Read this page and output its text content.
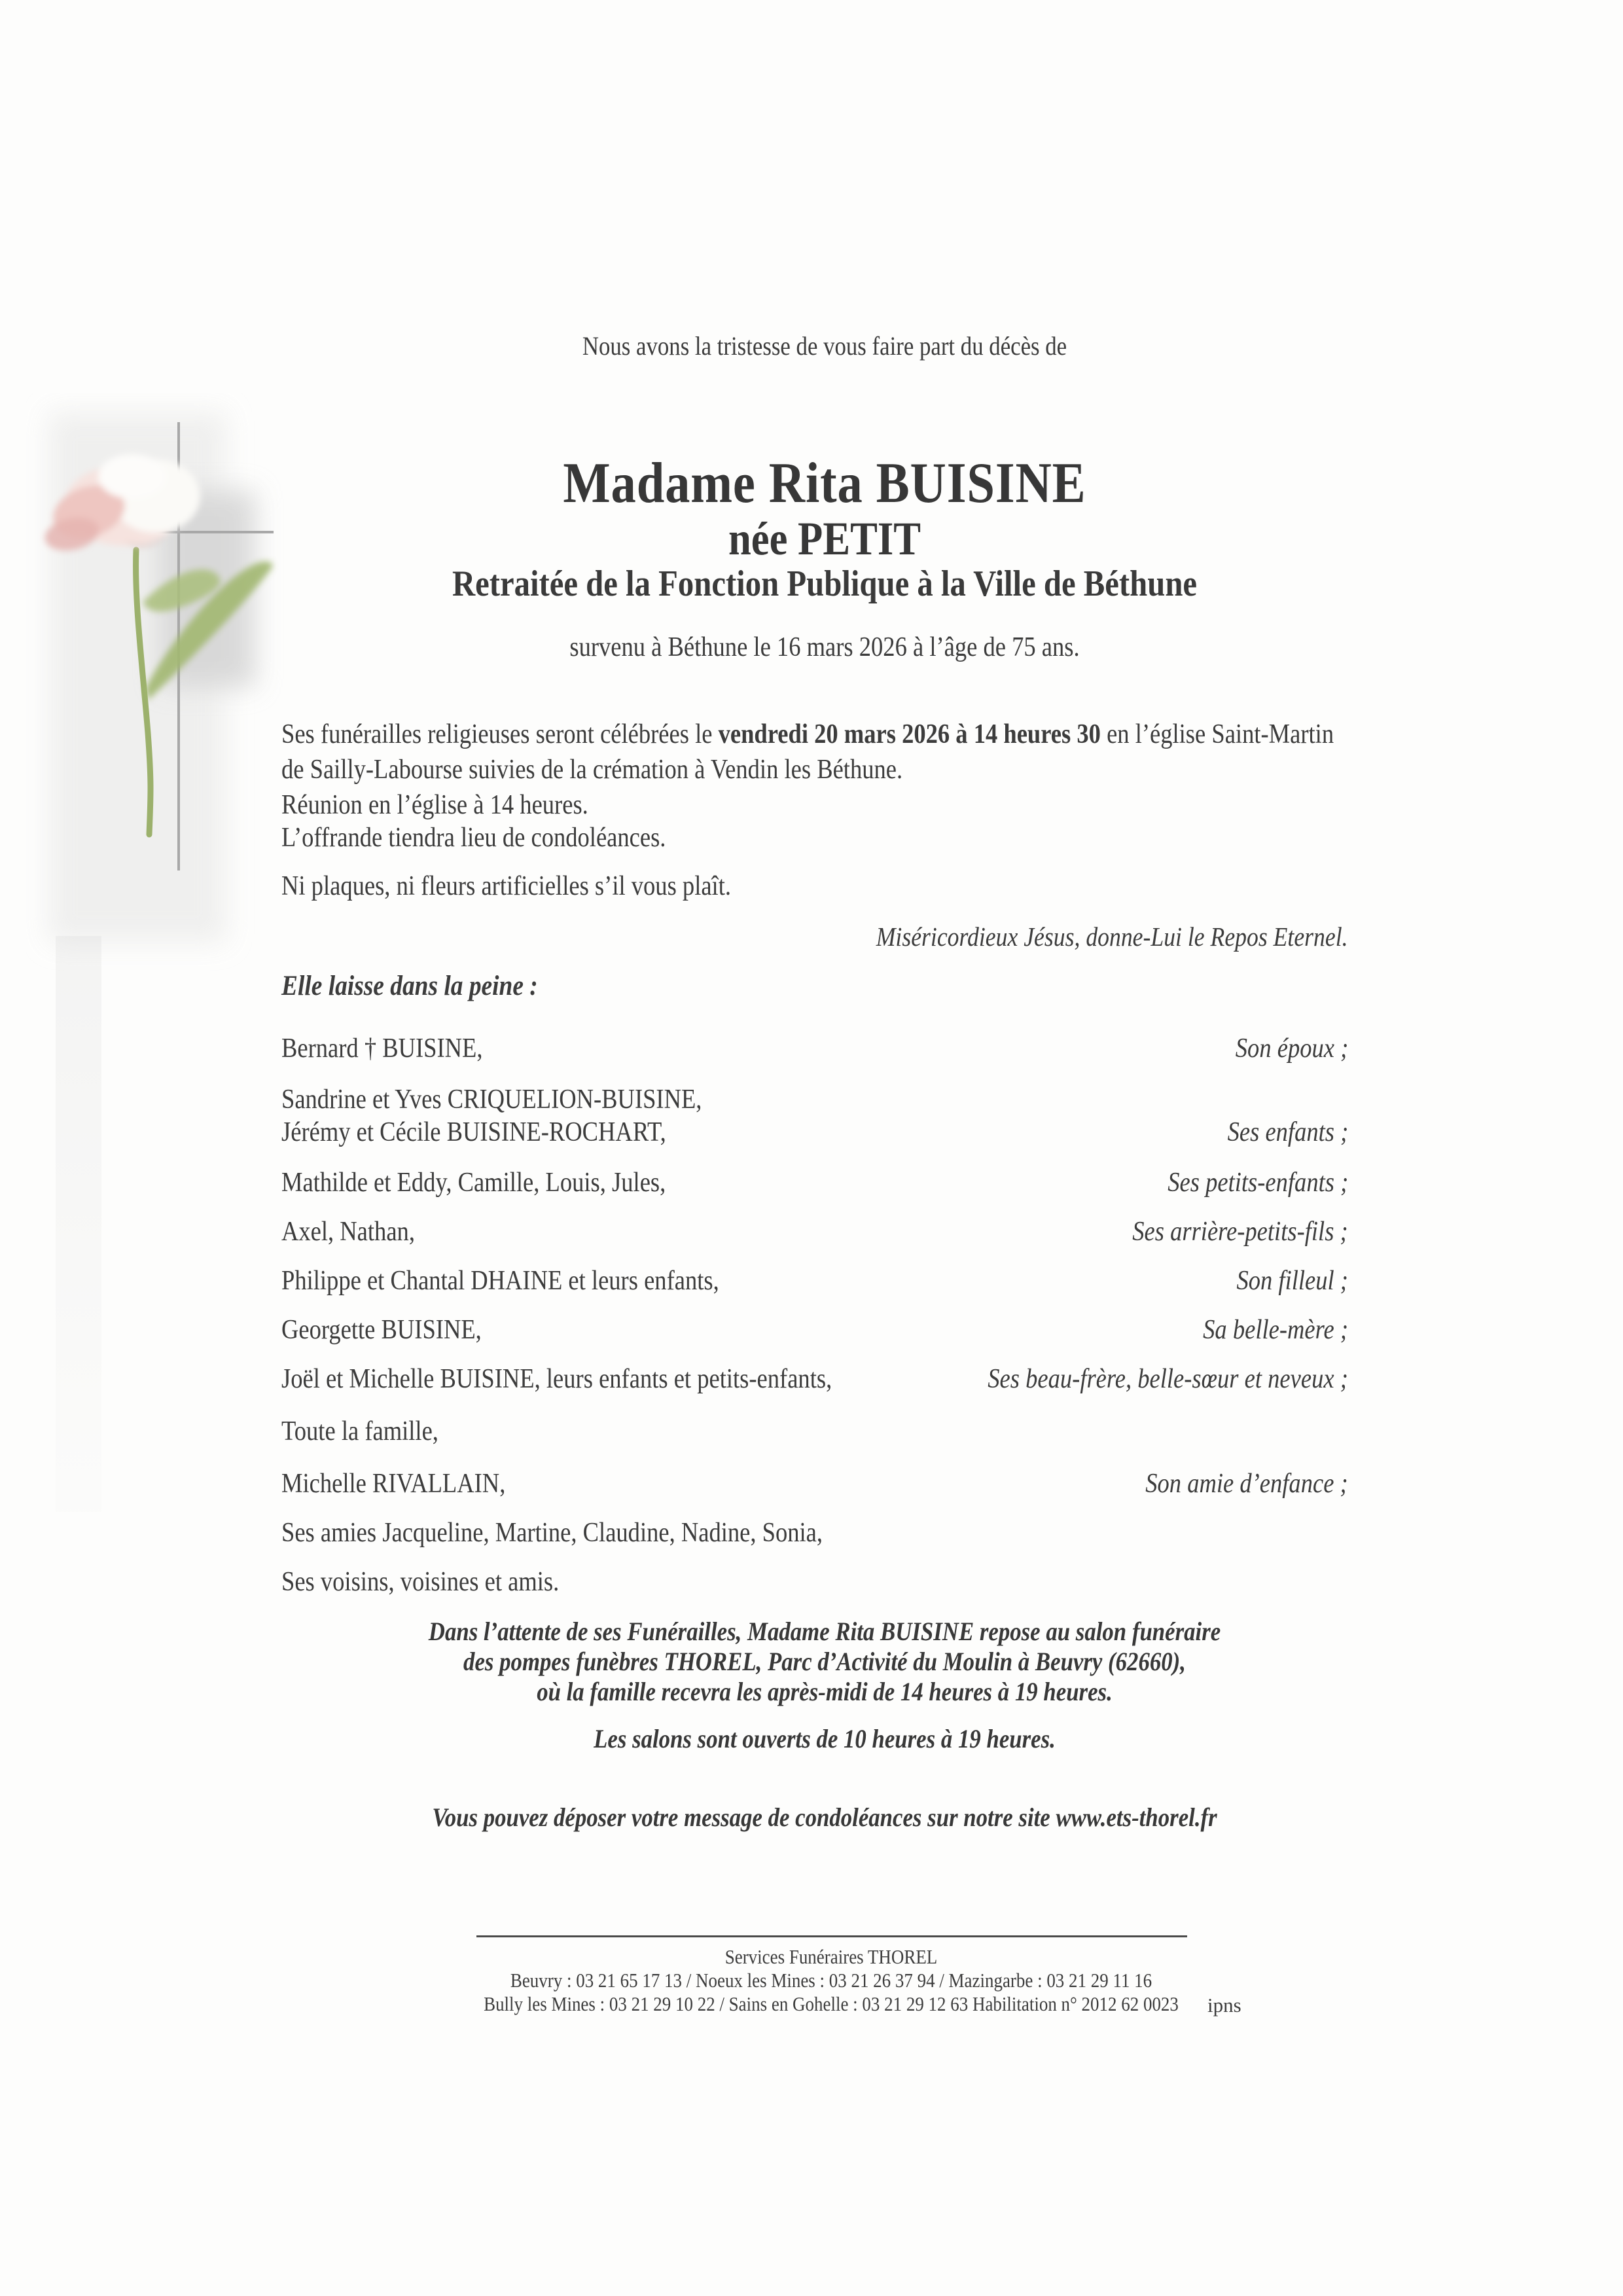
Nous avons la tristesse de vous faire part du décès de
Madame Rita BUISINE
née PETIT
Retraitée de la Fonction Publique à la Ville de Béthune
survenu à Béthune le 16 mars 2026 à l’âge de 75 ans.
Ses funérailles religieuses seront célébrées le vendredi 20 mars 2026 à 14 heures 30 en l’église Saint-Martin
de Sailly-Labourse suivies de la crémation à Vendin les Béthune.
Réunion en l’église à 14 heures.
L’offrande tiendra lieu de condoléances.
Ni plaques, ni fleurs artificielles s’il vous plaît.
Miséricordieux Jésus, donne-Lui le Repos Eternel.
Elle laisse dans la peine :
Bernard † BUISINE,	Son époux ;
Sandrine et Yves CRIQUELION-BUISINE,
Jérémy et Cécile BUISINE-ROCHART,	Ses enfants ;
Mathilde et Eddy, Camille, Louis, Jules,	Ses petits-enfants ;
Axel, Nathan,	Ses arrière-petits-fils ;
Philippe et Chantal DHAINE et leurs enfants,	Son filleul ;
Georgette BUISINE,	Sa belle-mère ;
Joël et Michelle BUISINE, leurs enfants et petits-enfants,	Ses beau-frère, belle-sœur et neveux ;
Toute la famille,
Michelle RIVALLAIN,	Son amie d’enfance ;
Ses amies Jacqueline, Martine, Claudine, Nadine, Sonia,
Ses voisins, voisines et amis.
Dans l’attente de ses Funérailles, Madame Rita BUISINE repose au salon funéraire
des pompes funèbres THOREL, Parc d’Activité du Moulin à Beuvry (62660),
où la famille recevra les après-midi de 14 heures à 19 heures.
Les salons sont ouverts de 10 heures à 19 heures.
Vous pouvez déposer votre message de condoléances sur notre site www.ets-thorel.fr
Services Funéraires THOREL
Beuvry : 03 21 65 17 13 / Noeux les Mines : 03 21 26 37 94 / Mazingarbe : 03 21 29 11 16
Bully les Mines : 03 21 29 10 22 / Sains en Gohelle : 03 21 29 12 63 Habilitation n° 2012 62 0023	ipns
